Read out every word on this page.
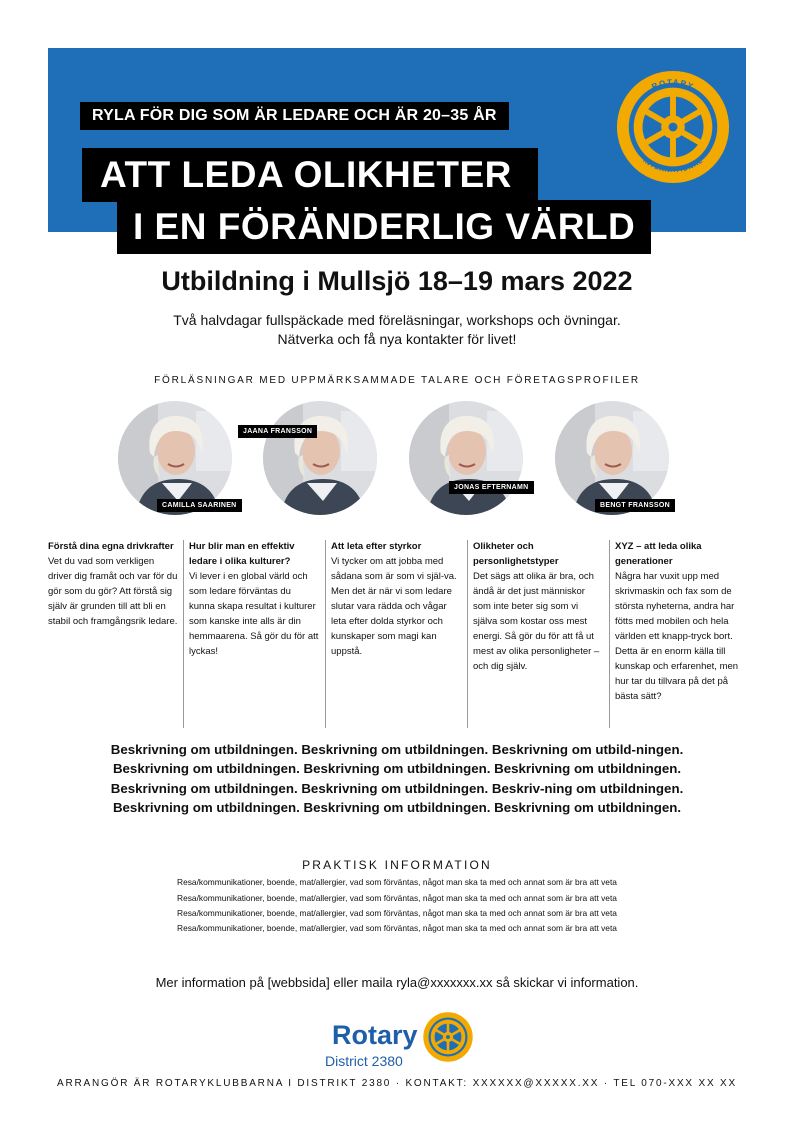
RYLA FÖR DIG SOM ÄR LEDARE OCH ÄR 20–35 ÅR
ATT LEDA OLIKHETER
I EN FÖRÄNDERLIG VÄRLD
ROTARY
INTERNATIONAL
Utbildning i Mullsjö 18–19 mars 2022
Två halvdagar fullspäckade med föreläsningar, workshops och övningar.
Nätverka och få nya kontakter för livet!
FÖRLÄSNINGAR MED UPPMÄRKSAMMADE TALARE OCH FÖRETAGSPROFILER
CAMILLA SAARINEN
JAANA FRANSSON
JONAS EFTERNAMN
BENGT FRANSSON
Förstå dina egna drivkrafter

Vet du vad som verkligen driver dig framåt och var för du gör som du gör? Att förstå sig själv är grunden till att bli en stabil och framgångsrik ledare.

Hur blir man en effektiv ledare i olika kulturer?

Vi lever i en global värld och som ledare förväntas du kunna skapa resultat i kulturer som kanske inte alls är din hemmaarena. Så gör du för att lyckas!

Att leta efter styrkor

Vi tycker om att jobba med sådana som är som vi själ-va. Men det är när vi som ledare slutar vara rädda och vågar leta efter dolda styrkor och kunskaper som magi kan uppstå.

Olikheter och personlighetstyper

Det sägs att olika är bra, och ändå är det just människor som inte beter sig som vi själva som kostar oss mest energi. Så gör du för att få ut mest av olika personligheter – och dig själv.

XYZ – att leda olika generationer

Några har vuxit upp med skrivmaskin och fax som de största nyheterna, andra har fötts med mobilen och hela världen ett knapp-tryck bort. Detta är en enorm källa till kunskap och erfarenhet, men hur tar du tillvara på det på bästa sätt?

Beskrivning om utbildningen. Beskrivning om utbildningen. Beskrivning om utbild-ningen. Beskrivning om utbildningen. Beskrivning om utbildningen. Beskrivning om utbildningen. Beskrivning om utbildningen. Beskrivning om utbildningen. Beskriv-ning om utbildningen. Beskrivning om utbildningen. Beskrivning om utbildningen. Beskrivning om utbildningen.
PRAKTISK INFORMATION
Resa/kommunikationer, boende, mat/allergier, vad som förväntas, något man ska ta med och annat som är bra att veta
Resa/kommunikationer, boende, mat/allergier, vad som förväntas, något man ska ta med och annat som är bra att veta
Resa/kommunikationer, boende, mat/allergier, vad som förväntas, något man ska ta med och annat som är bra att veta
Resa/kommunikationer, boende, mat/allergier, vad som förväntas, något man ska ta med och annat som är bra att veta
Mer information på [webbsida] eller maila ryla@xxxxxxx.xx så skickar vi information.
Rotary
District 2380
ARRANGÖR ÄR ROTARYKLUBBARNA I DISTRIKT 2380 · KONTAKT: XXXXXX@XXXXX.XX · TEL 070-XXX XX XX
